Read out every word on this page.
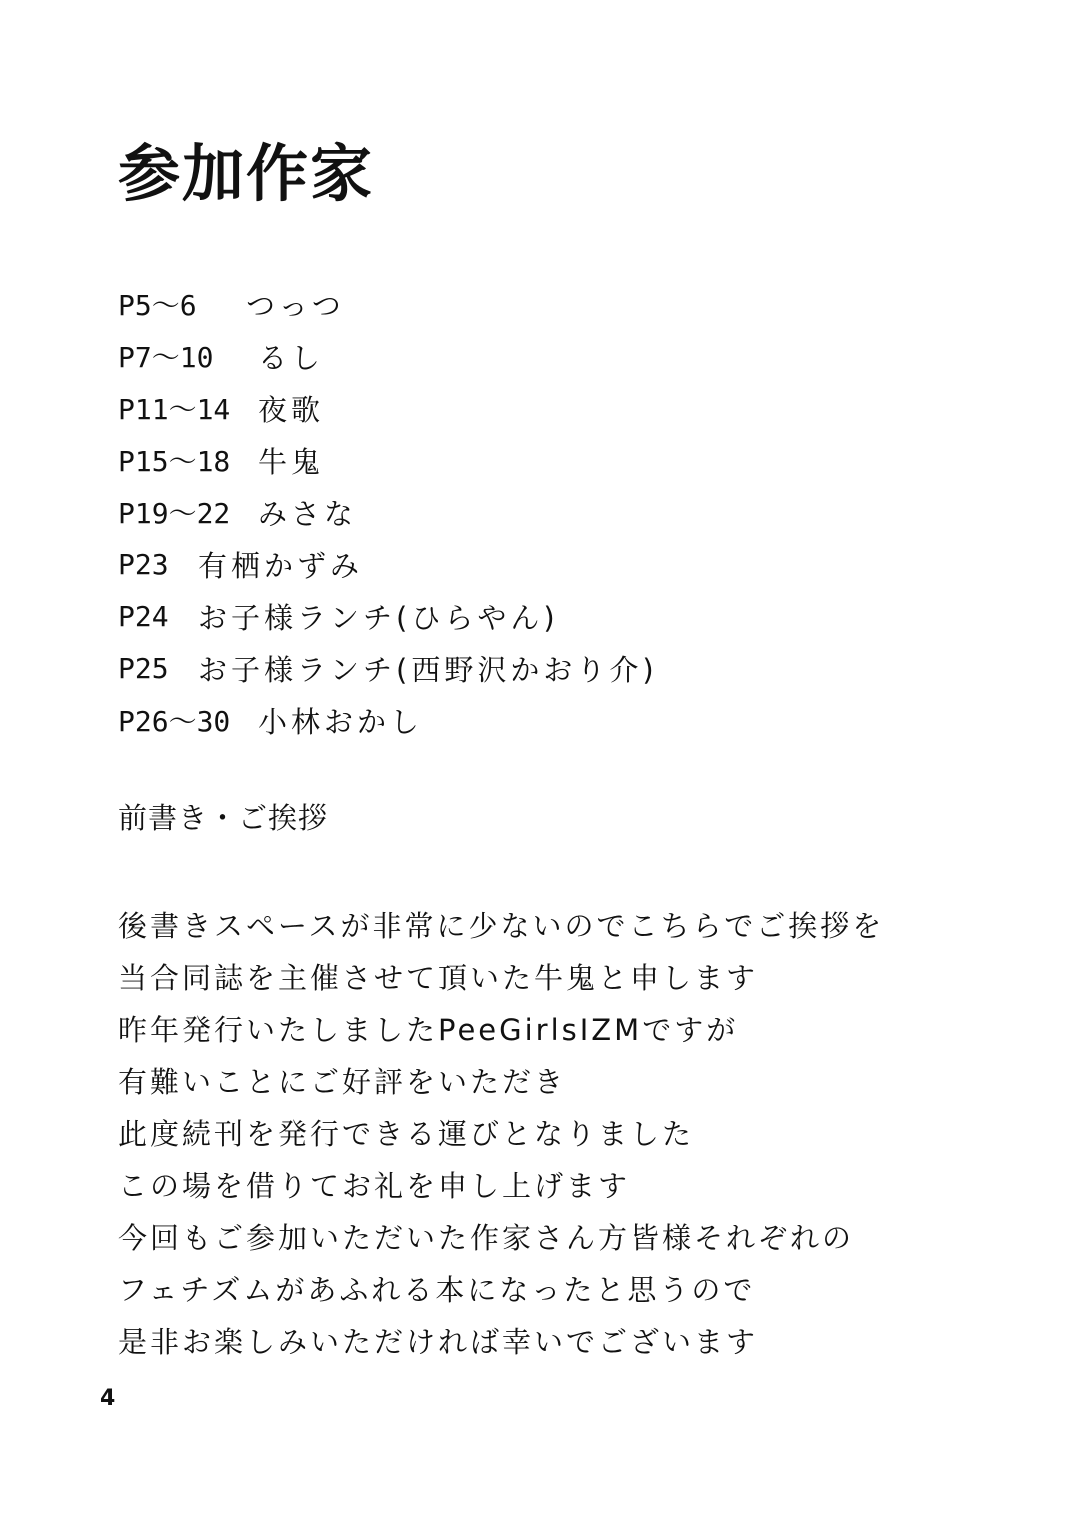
参加作家
P5～6	つっつ
P7～10	るし
P11～14 夜歌
P15～18 牛鬼
P19～22 みさな
P23	有栖かずみ
P24	お子様ランチ(ひらやん)
P25	お子様ランチ(西野沢かおり介)
P26～30 小林おかし
前書き・ご挨拶
後書きスペースが非常に少ないのでこちらでご挨拶を
当合同誌を主催させて頂いた牛鬼と申します
昨年発行いたしましたPeeGirlsIZMですが
有難いことにご好評をいただき
此度続刊を発行できる運びとなりました
この場を借りてお礼を申し上げます
今回もご参加いただいた作家さん方皆様それぞれの
フェチズムがあふれる本になったと思うので
是非お楽しみいただければ幸いでございます
4
